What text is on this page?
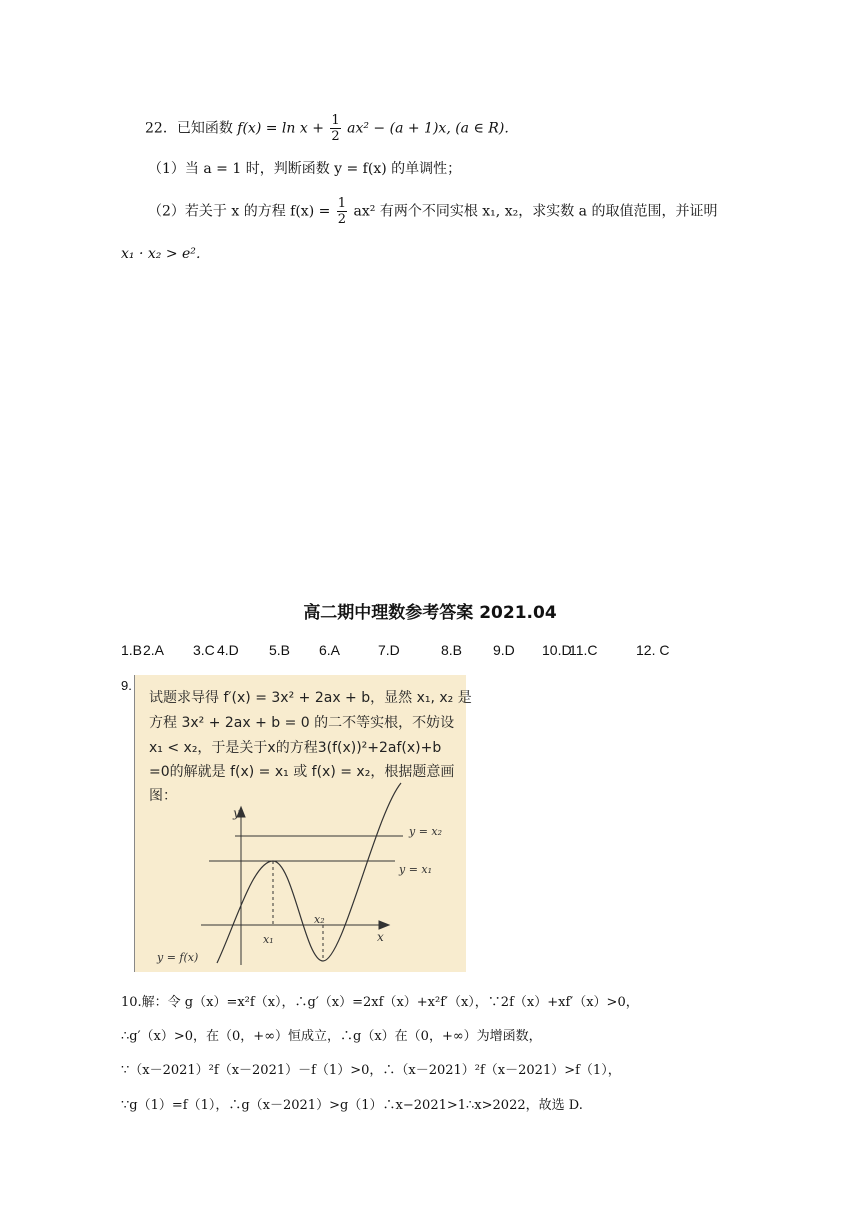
22．已知函数 $f(x) = \ln x + \frac{1}{2} ax^2 - (a + 1)x$, (a ∈ R)．
（1）当 a = 1 时，判断函数 y = f(x) 的单调性；
（2）若关于 x 的方程 $f(x) = \frac{1}{2} ax^2$ 有两个不同实根 x₁, x₂，求实数 a 的取值范围，并证明
x₁ · x₂ > e²．
高二期中理数参考答案 2021.04
1.B 2.A 3.C 4.D 5.B 6.A	7.D	8.B 9.D 10.D
11.C	12. C
9.
试题求导得 f′(x) = 3x² + 2ax + b，显然 x₁, x₂ 是
方程 3x² + 2ax + b = 0 的二不等实根，不妨设
x₁ < x₂，于是关于x的方程3(f(x))²+2af(x)+b
=0的解就是 f(x) = x₁ 或 f(x) = x₂，根据题意画
图：
y
x
y = x₂
y = x₁
x₁
x₂
y = f(x)
10.解：令 g（x）=x²f（x），∴g′（x）=2xf（x）+x²f′（x），∵2f（x）+xf′（x）>0，
∴g′（x）>0，在（0，+∞）恒成立，∴g（x）在（0，+∞）为增函数，
∵（x－2021）²f（x－2021）－f（1）>0，∴（x－2021）²f（x－2021）>f（1），
∵g（1）=f（1），∴g（x－2021）>g（1）∴x−2021>1∴x>2022，故选 D.
